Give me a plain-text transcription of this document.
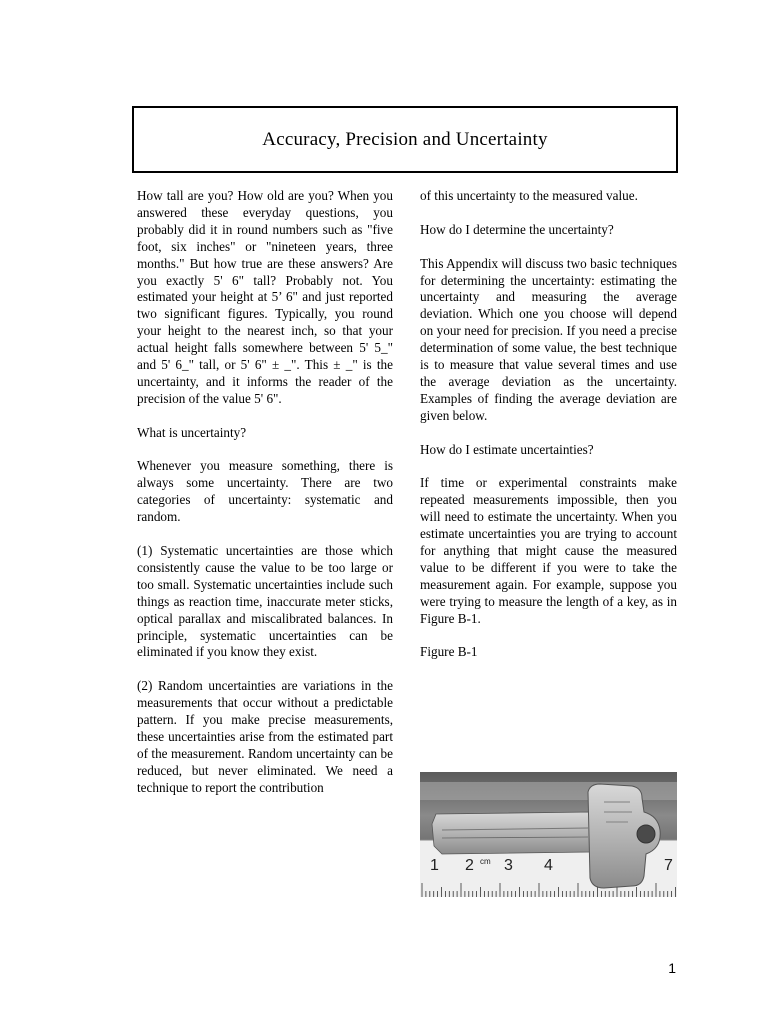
Accuracy, Precision and Uncertainty

How tall are you? How old are you? When you answered these everyday questions, you probably did it in round numbers such as "five foot, six inches" or "nineteen years, three months." But how true are these answers? Are you exactly 5' 6" tall? Probably not. You estimated your height at 5’ 6" and just reported two significant figures. Typically, you round your height to the nearest inch, so that your actual height falls somewhere between 5' 5_" and 5' 6_" tall, or 5' 6" ± _". This ± _" is the uncertainty, and it informs the reader of the precision of the value 5' 6".

What is uncertainty?

Whenever you measure something, there is always some uncertainty. There are two categories of uncertainty: systematic and random.

(1) Systematic uncertainties are those which consistently cause the value to be too large or too small. Systematic uncertainties include such things as reaction time, inaccurate meter sticks, optical parallax and miscalibrated balances. In principle, systematic uncertainties can be eliminated if you know they exist.

(2) Random uncertainties are variations in the measurements that occur without a predictable pattern. If you make precise measurements, these uncertainties arise from the estimated part of the measurement. Random uncertainty can be reduced, but never eliminated. We need a technique to report the contribution

of this uncertainty to the measured value.

How do I determine the uncertainty?

This Appendix will discuss two basic techniques for determining the uncertainty: estimating the uncertainty and measuring the average deviation. Which one you choose will depend on your need for precision. If you need a precise determination of some value, the best technique is to measure that value several times and use the average deviation as the uncertainty. Examples of finding the average deviation are given below.

How do I estimate uncertainties?

If time or experimental constraints make repeated measurements impossible, then you will need to estimate the uncertainty. When you estimate uncertainties you are trying to account for anything that might cause the measured value to be different if you were to take the measurement again. For example, suppose you were trying to measure the length of a key, as in Figure B-1.

Figure B-1

1 2 3 4	7
cm
1
